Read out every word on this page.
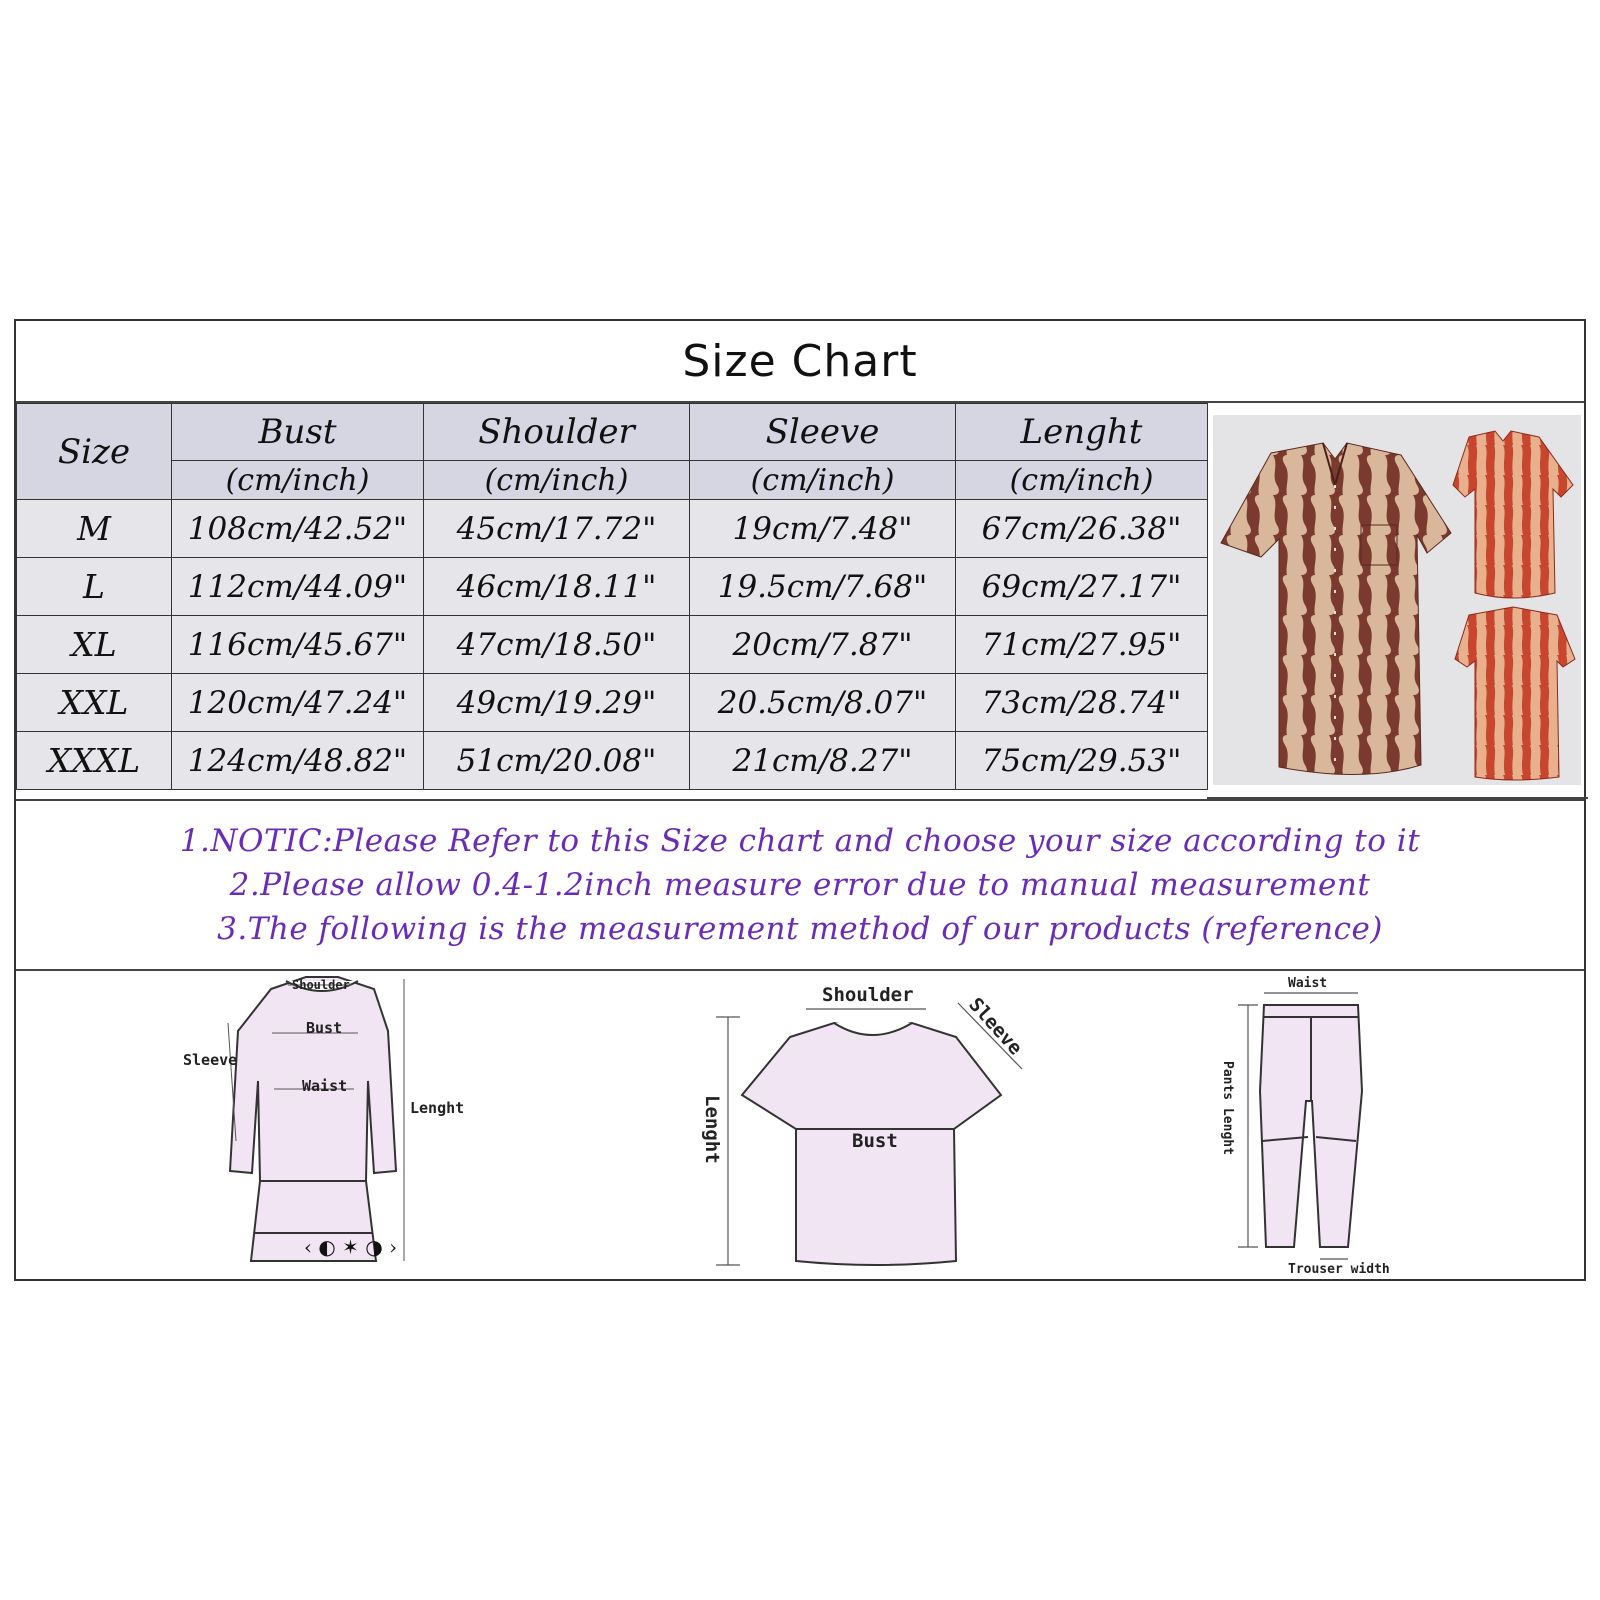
Size Chart
Size	Bust	Shoulder	Sleeve	Lenght
	(cm/inch)	(cm/inch)	(cm/inch)	(cm/inch)
M	108cm/42.52"	45cm/17.72"	19cm/7.48"	67cm/26.38"
L	112cm/44.09"	46cm/18.11"	19.5cm/7.68"	69cm/27.17"
XL	116cm/45.67"	47cm/18.50"	20cm/7.87"	71cm/27.95"
XXL	120cm/47.24"	49cm/19.29"	20.5cm/8.07"	73cm/28.74"
XXXL	124cm/48.82"	51cm/20.08"	21cm/8.27"	75cm/29.53"

1.NOTIC:Please Refer to this Size chart and choose your size according to it

2.Please allow 0.4-1.2inch measure error due to manual measurement

3.The following is the measurement method of our products (reference)

‹ ◐ ✶ ◑ ›
Shoulder
Bust
Waist
Sleeve
Lenght
Shoulder
Bust
Sleeve
Lenght
Waist
Pants Lenght
Trouser width
